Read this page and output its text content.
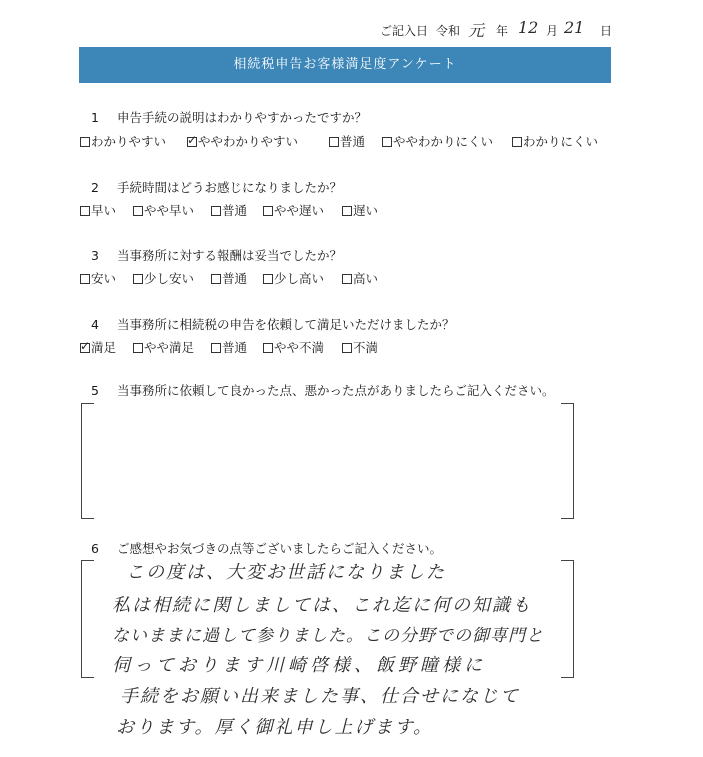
ご記入日 令和 元 年 12 月 21 日
相続税申告お客様満足度アンケート
1 申告手続の説明はわかりやすかったですか？
わかりやすい ✓ ややわかりやすい	普通	ややわかりにくい	わかりにくい
2 手続時間はどうお感じになりましたか？
早い	やや早い	普通	やや遅い	遅い
3 当事務所に対する報酬は妥当でしたか？
安い	少し安い	普通	少し高い	高い
4 当事務所に相続税の申告を依頼して満足いただけましたか？
✓ 満足	やや満足	普通	やや不満	不満
5 当事務所に依頼して良かった点、悪かった点がありましたらご記入ください。
6 ご感想やお気づきの点等ございましたらご記入ください。
この度は、大変お世話になりました
私は相続に関しましては、これ迄に何の知識も
ないままに過して参りました。この分野での御専門と
伺っております川崎啓様、飯野瞳様に
手続をお願い出来ました事、仕合せになじて
おります。厚く御礼申し上げます。
